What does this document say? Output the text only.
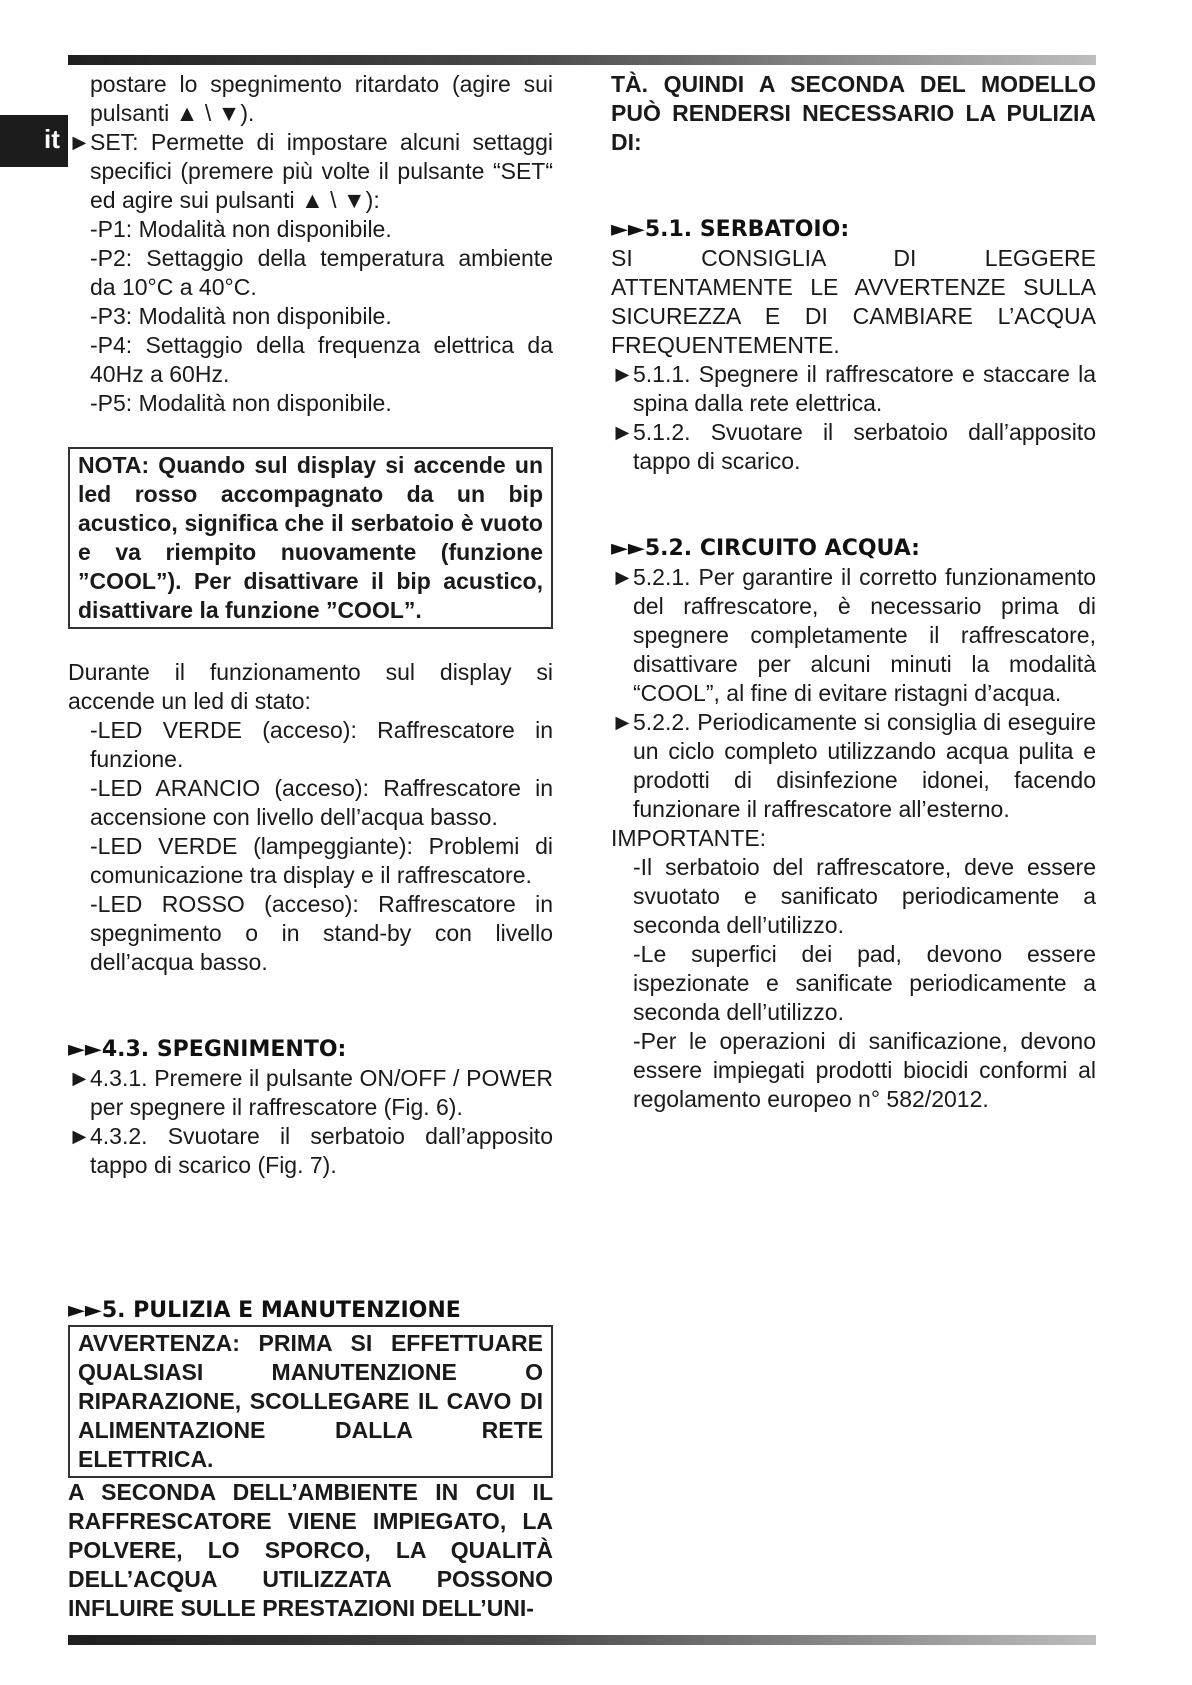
it

postare lo spegnimento ritardato (agire sui pulsanti ▲ \ ▼).

► SET: Permette di impostare alcuni settaggi specifici (premere più volte il pulsante “SET“ ed agire sui pulsanti ▲ \ ▼):

-P1: Modalità non disponibile.

-P2: Settaggio della temperatura ambiente da 10°C a 40°C.

-P3: Modalità non disponibile.

-P4: Settaggio della frequenza elettrica da 40Hz a 60Hz.

-P5: Modalità non disponibile.

NOTA: Quando sul display si accende un led rosso accompagnato da un bip acustico, significa che il serbatoio è vuoto e va riempito nuovamente (funzione ”COOL”). Per disattivare il bip acustico, disattivare la funzione ”COOL”.

Durante il funzionamento sul display si accende un led di stato:

-LED VERDE (acceso): Raffrescatore in funzione.

-LED ARANCIO (acceso): Raffrescatore in accensione con livello dell’acqua basso.

-LED VERDE (lampeggiante): Problemi di comunicazione tra display e il raffrescatore.

-LED ROSSO (acceso): Raffrescatore in spegnimento o in stand-by con livello dell’acqua basso.

►►4.3. SPEGNIMENTO:
► 4.3.1. Premere il pulsante ON/OFF / POWER per spegnere il raffrescatore (Fig. 6).
► 4.3.2. Svuotare il serbatoio dall’apposito tappo di scarico (Fig. 7).
►►5. PULIZIA E MANUTENZIONE
AVVERTENZA: PRIMA SI EFFETTUARE QUALSIASI MANUTENZIONE O RIPARAZIONE, SCOLLEGARE IL CAVO DI ALIMENTAZIONE DALLA RETE ELETTRICA.

A SECONDA DELL’AMBIENTE IN CUI IL RAFFRESCATORE VIENE IMPIEGATO, LA POLVERE, LO SPORCO, LA QUALITÀ DELL’ACQUA UTILIZZATA POSSONO INFLUIRE SULLE PRESTAZIONI DELL’UNI-

TÀ. QUINDI A SECONDA DEL MODELLO PUÒ RENDERSI NECESSARIO LA PULIZIA DI:

►►5.1. SERBATOIO:

SI CONSIGLIA DI LEGGERE ATTENTAMENTE LE AVVERTENZE SULLA SICUREZZA E DI CAMBIARE L’ACQUA FREQUENTEMENTE.

► 5.1.1. Spegnere il raffrescatore e staccare la spina dalla rete elettrica.
► 5.1.2. Svuotare il serbatoio dall’apposito tappo di scarico.
►►5.2. CIRCUITO ACQUA:
► 5.2.1. Per garantire il corretto funzionamento del raffrescatore, è necessario prima di spegnere completamente il raffrescatore, disattivare per alcuni minuti la modalità “COOL”, al fine di evitare ristagni d’acqua.
► 5.2.2. Periodicamente si consiglia di eseguire un ciclo completo utilizzando acqua pulita e prodotti di disinfezione idonei, facendo funzionare il raffrescatore all’esterno.

IMPORTANTE:

-Il serbatoio del raffrescatore, deve essere svuotato e sanificato periodicamente a seconda dell’utilizzo.

-Le superfici dei pad, devono essere ispezionate e sanificate periodicamente a seconda dell’utilizzo.

-Per le operazioni di sanificazione, devono essere impiegati prodotti biocidi conformi al regolamento europeo n° 582/2012.
